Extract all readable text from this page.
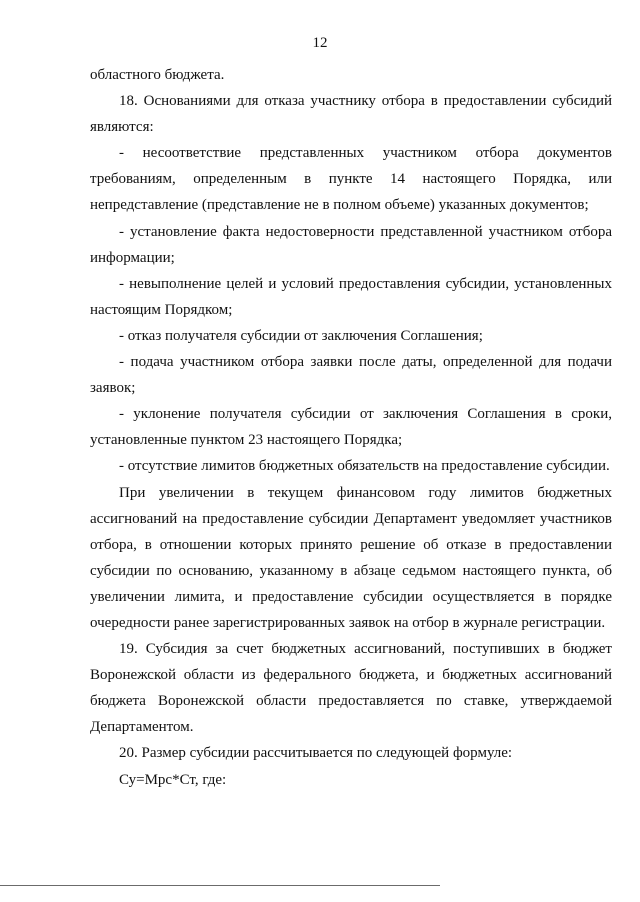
12

областного бюджета.

18. Основаниями для отказа участнику отбора в предоставлении субсидий являются:

- несоответствие представленных участником отбора документов требованиям, определенным в пункте 14 настоящего Порядка, или непредставление (представление не в полном объеме) указанных документов;

- установление факта недостоверности представленной участником отбора информации;

- невыполнение целей и условий предоставления субсидии, установленных настоящим Порядком;

- отказ получателя субсидии от заключения Соглашения;

- подача участником отбора заявки после даты, определенной для подачи заявок;

- уклонение получателя субсидии от заключения Соглашения в сроки, установленные пунктом 23 настоящего Порядка;

- отсутствие лимитов бюджетных обязательств на предоставление субсидии.

При увеличении в текущем финансовом году лимитов бюджетных ассигнований на предоставление субсидии Департамент уведомляет участников отбора, в отношении которых принято решение об отказе в предоставлении субсидии по основанию, указанному в абзаце седьмом настоящего пункта, об увеличении лимита, и предоставление субсидии осуществляется в порядке очередности ранее зарегистрированных заявок на отбор в журнале регистрации.

19. Субсидия за счет бюджетных ассигнований, поступивших в бюджет Воронежской области из федерального бюджета, и бюджетных ассигнований бюджета Воронежской области предоставляется по ставке, утверждаемой Департаментом.

20. Размер субсидии рассчитывается по следующей формуле:

Су=Мрс*Ст, где:
